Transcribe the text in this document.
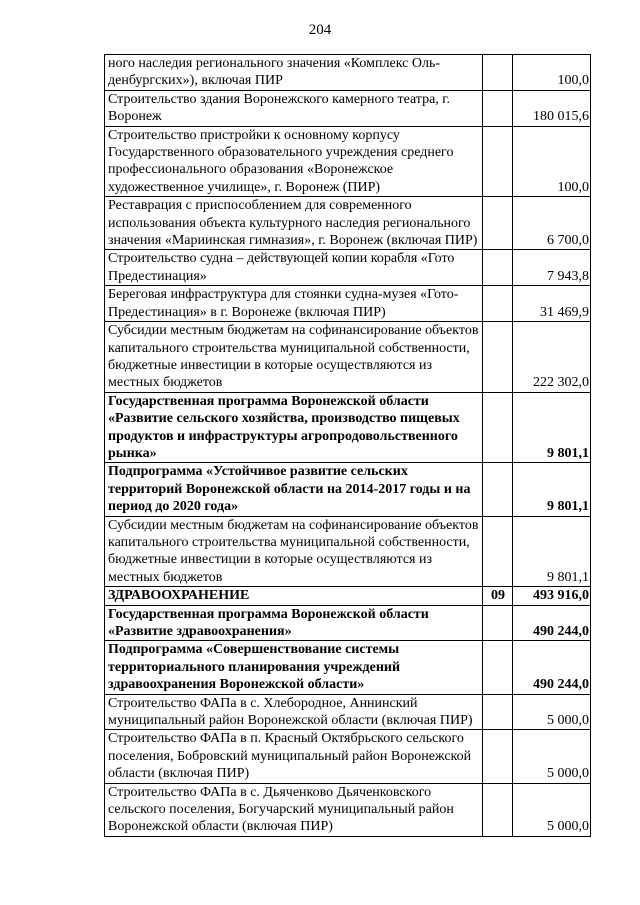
204
ного наследия регионального значения «Комплекс Оль-денбургских»), включая ПИР		100,0
Строительство здания Воронежского камерного театра, г. Воронеж		180 015,6
Строительство пристройки к основному корпусу Государственного образовательного учреждения среднего профессионального образования «Воронежское художественное училище», г. Воронеж (ПИР)		100,0
Реставрация с приспособлением для современного использования объекта культурного наследия регионального значения «Мариинская гимназия», г. Воронеж (включая ПИР)		6 700,0
Строительство судна – действующей копии корабля «Гото Предестинация»		7 943,8
Береговая инфраструктура для стоянки судна-музея «Гото-Предестинация» в г. Воронеже (включая ПИР)		31 469,9
Субсидии местным бюджетам на софинансирование объектов капитального строительства муниципальной собственности, бюджетные инвестиции в которые осуществляются из местных бюджетов		222 302,0
Государственная программа Воронежской области «Развитие сельского хозяйства, производство пищевых продуктов и инфраструктуры агропродовольственного рынка»		9 801,1
Подпрограмма «Устойчивое развитие сельских территорий Воронежской области на 2014-2017 годы и на период до 2020 года»		9 801,1
Субсидии местным бюджетам на софинансирование объектов капитального строительства муниципальной собственности, бюджетные инвестиции в которые осуществляются из местных бюджетов		9 801,1
ЗДРАВООХРАНЕНИЕ	09	493 916,0
Государственная программа Воронежской области «Развитие здравоохранения»		490 244,0
Подпрограмма «Совершенствование системы территориального планирования учреждений здравоохранения Воронежской области»		490 244,0
Строительство ФАПа в с. Хлебородное, Аннинский муниципальный район Воронежской области (включая ПИР)		5 000,0
Строительство ФАПа в п. Красный Октябрьского сельского поселения, Бобровский муниципальный район Воронежской области (включая ПИР)		5 000,0
Строительство ФАПа в с. Дьяченково Дьяченковского сельского поселения, Богучарский муниципальный район Воронежской области (включая ПИР)		5 000,0
